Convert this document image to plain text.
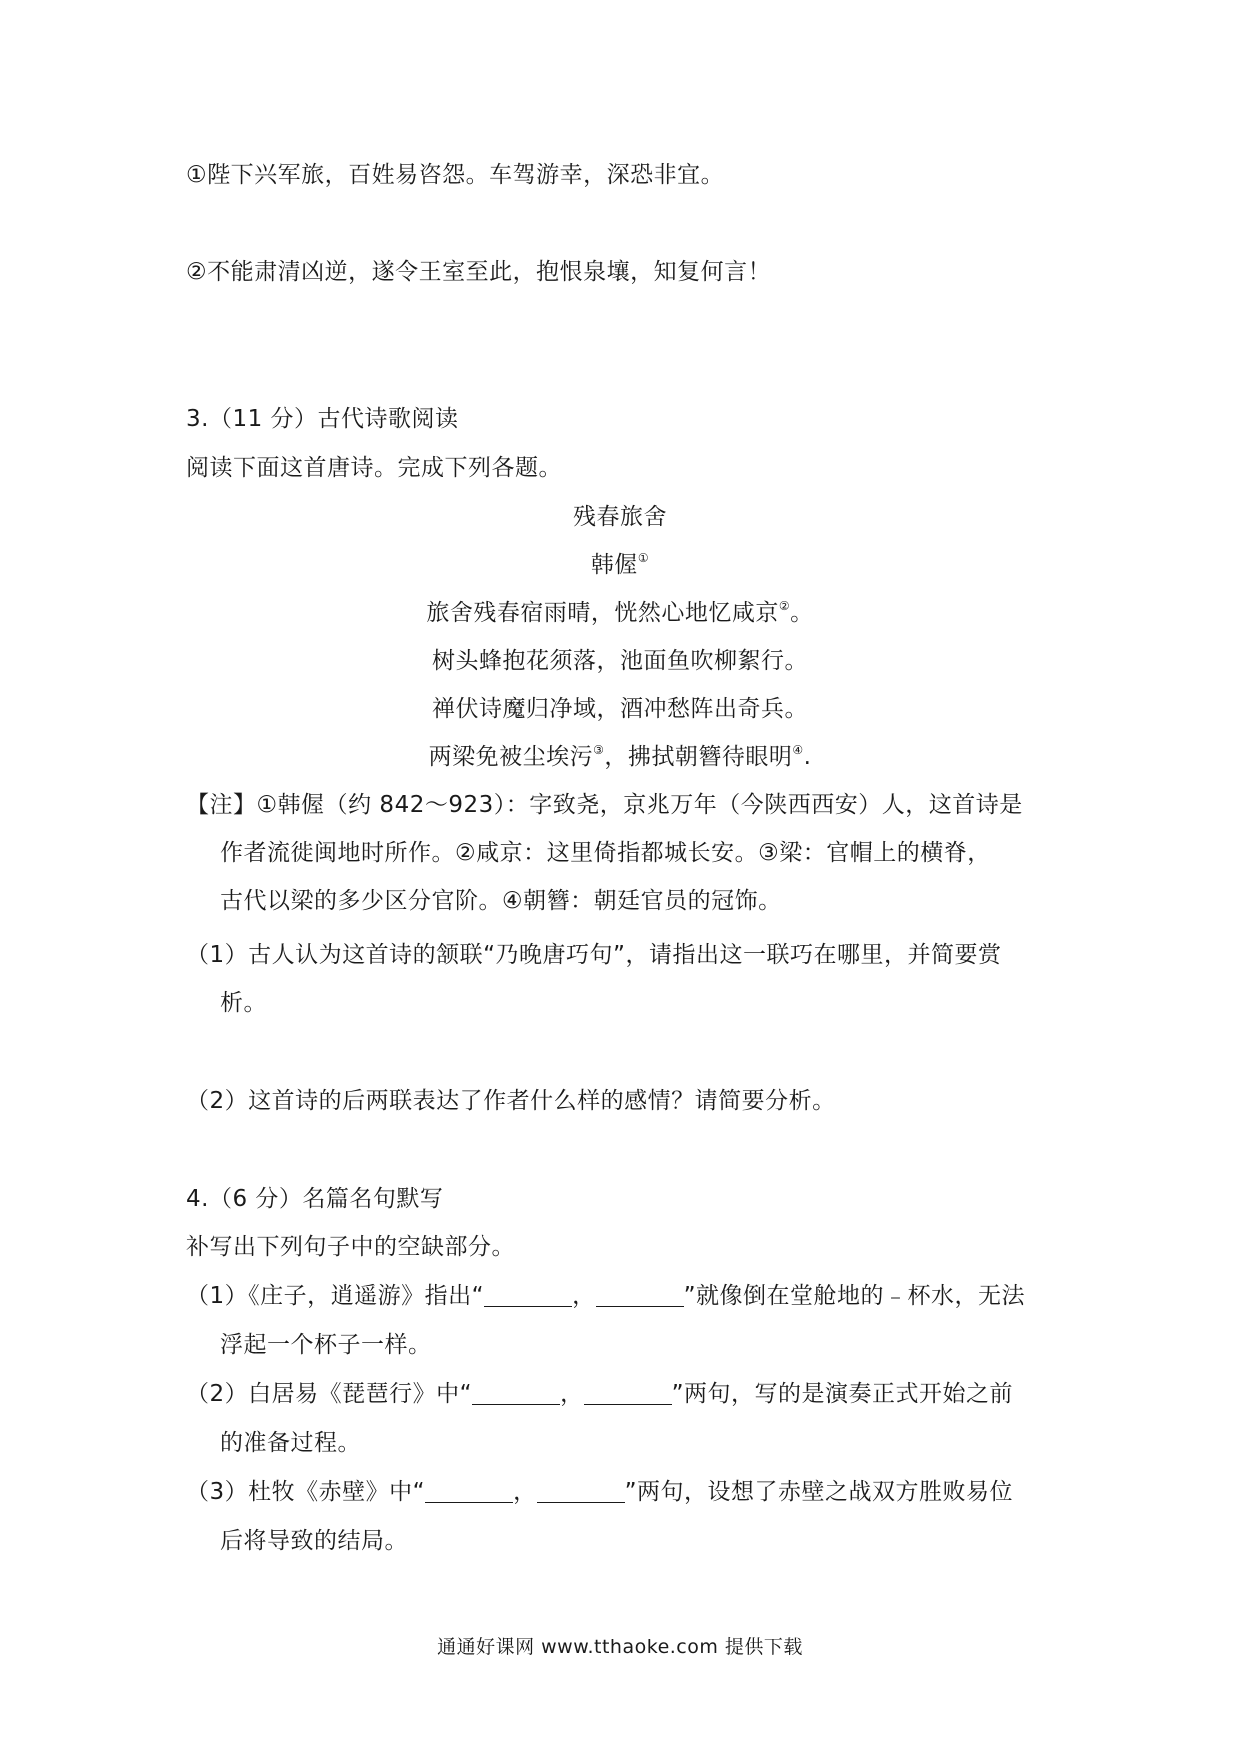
①陛下兴军旅，百姓易咨怨。车驾游幸，深恐非宜。
②不能肃清凶逆，遂令王室至此，抱恨泉壤，知复何言！
3.（11 分）古代诗歌阅读
阅读下面这首唐诗。完成下列各题。
残春旅舍
韩偓①
旅舍残春宿雨晴，恍然心地忆咸京②。
树头蜂抱花须落，池面鱼吹柳絮行。
禅伏诗魔归净域，酒冲愁阵出奇兵。
两梁免被尘埃污③，拂拭朝簪待眼明④.
【注】①韩偓（约 842～923）：字致尧，京兆万年（今陕西西安）人，这首诗是
作者流徙闽地时所作。②咸京：这里倚指都城长安。③梁：官帽上的横脊，
古代以梁的多少区分官阶。④朝簪：朝廷官员的冠饰。
（1）古人认为这首诗的颔联“乃晚唐巧句”，请指出这一联巧在哪里，并简要赏
析。
（2）这首诗的后两联表达了作者什么样的感情？请简要分析。
4.（6 分）名篇名句默写
补写出下列句子中的空缺部分。
（1）《庄子，逍遥游》指出“	，	”就像倒在堂舱地的﹣杯水，无法
浮起一个杯子一样。
（2）白居易《琵琶行》中“	，	”两句，写的是演奏正式开始之前
的准备过程。
（3）杜牧《赤壁》中“	，	”两句，设想了赤壁之战双方胜败易位
后将导致的结局。
通通好课网 www.tthaoke.com 提供下载
